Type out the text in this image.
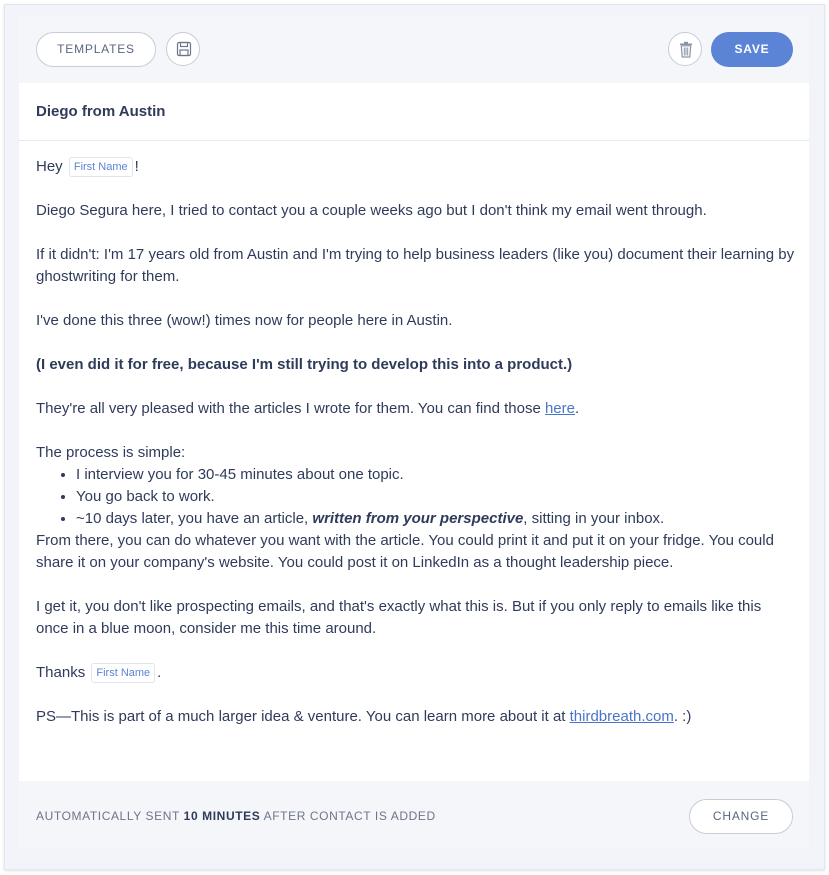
TEMPLATES	SAVE
Diego from Austin

Hey First Name !

Diego Segura here, I tried to contact you a couple weeks ago but I don't think my email went through.

If it didn't: I'm 17 years old from Austin and I'm trying to help business leaders (like you) document their learning by ghostwriting for them.

I've done this three (wow!) times now for people here in Austin.

(I even did it for free, because I'm still trying to develop this into a product.)

They're all very pleased with the articles I wrote for them. You can find those here.

The process is simple:

• I interview you for 30-45 minutes about one topic.
• You go back to work.
• ~10 days later, you have an article, written from your perspective, sitting in your inbox.

From there, you can do whatever you want with the article. You could print it and put it on your fridge. You could share it on your company's website. You could post it on LinkedIn as a thought leadership piece.

I get it, you don't like prospecting emails, and that's exactly what this is. But if you only reply to emails like this once in a blue moon, consider me this time around.

Thanks First Name .

PS—This is part of a much larger idea & venture. You can learn more about it at thirdbreath.com. :)

AUTOMATICALLY SENT 10 MINUTES AFTER CONTACT IS ADDED	CHANGE
